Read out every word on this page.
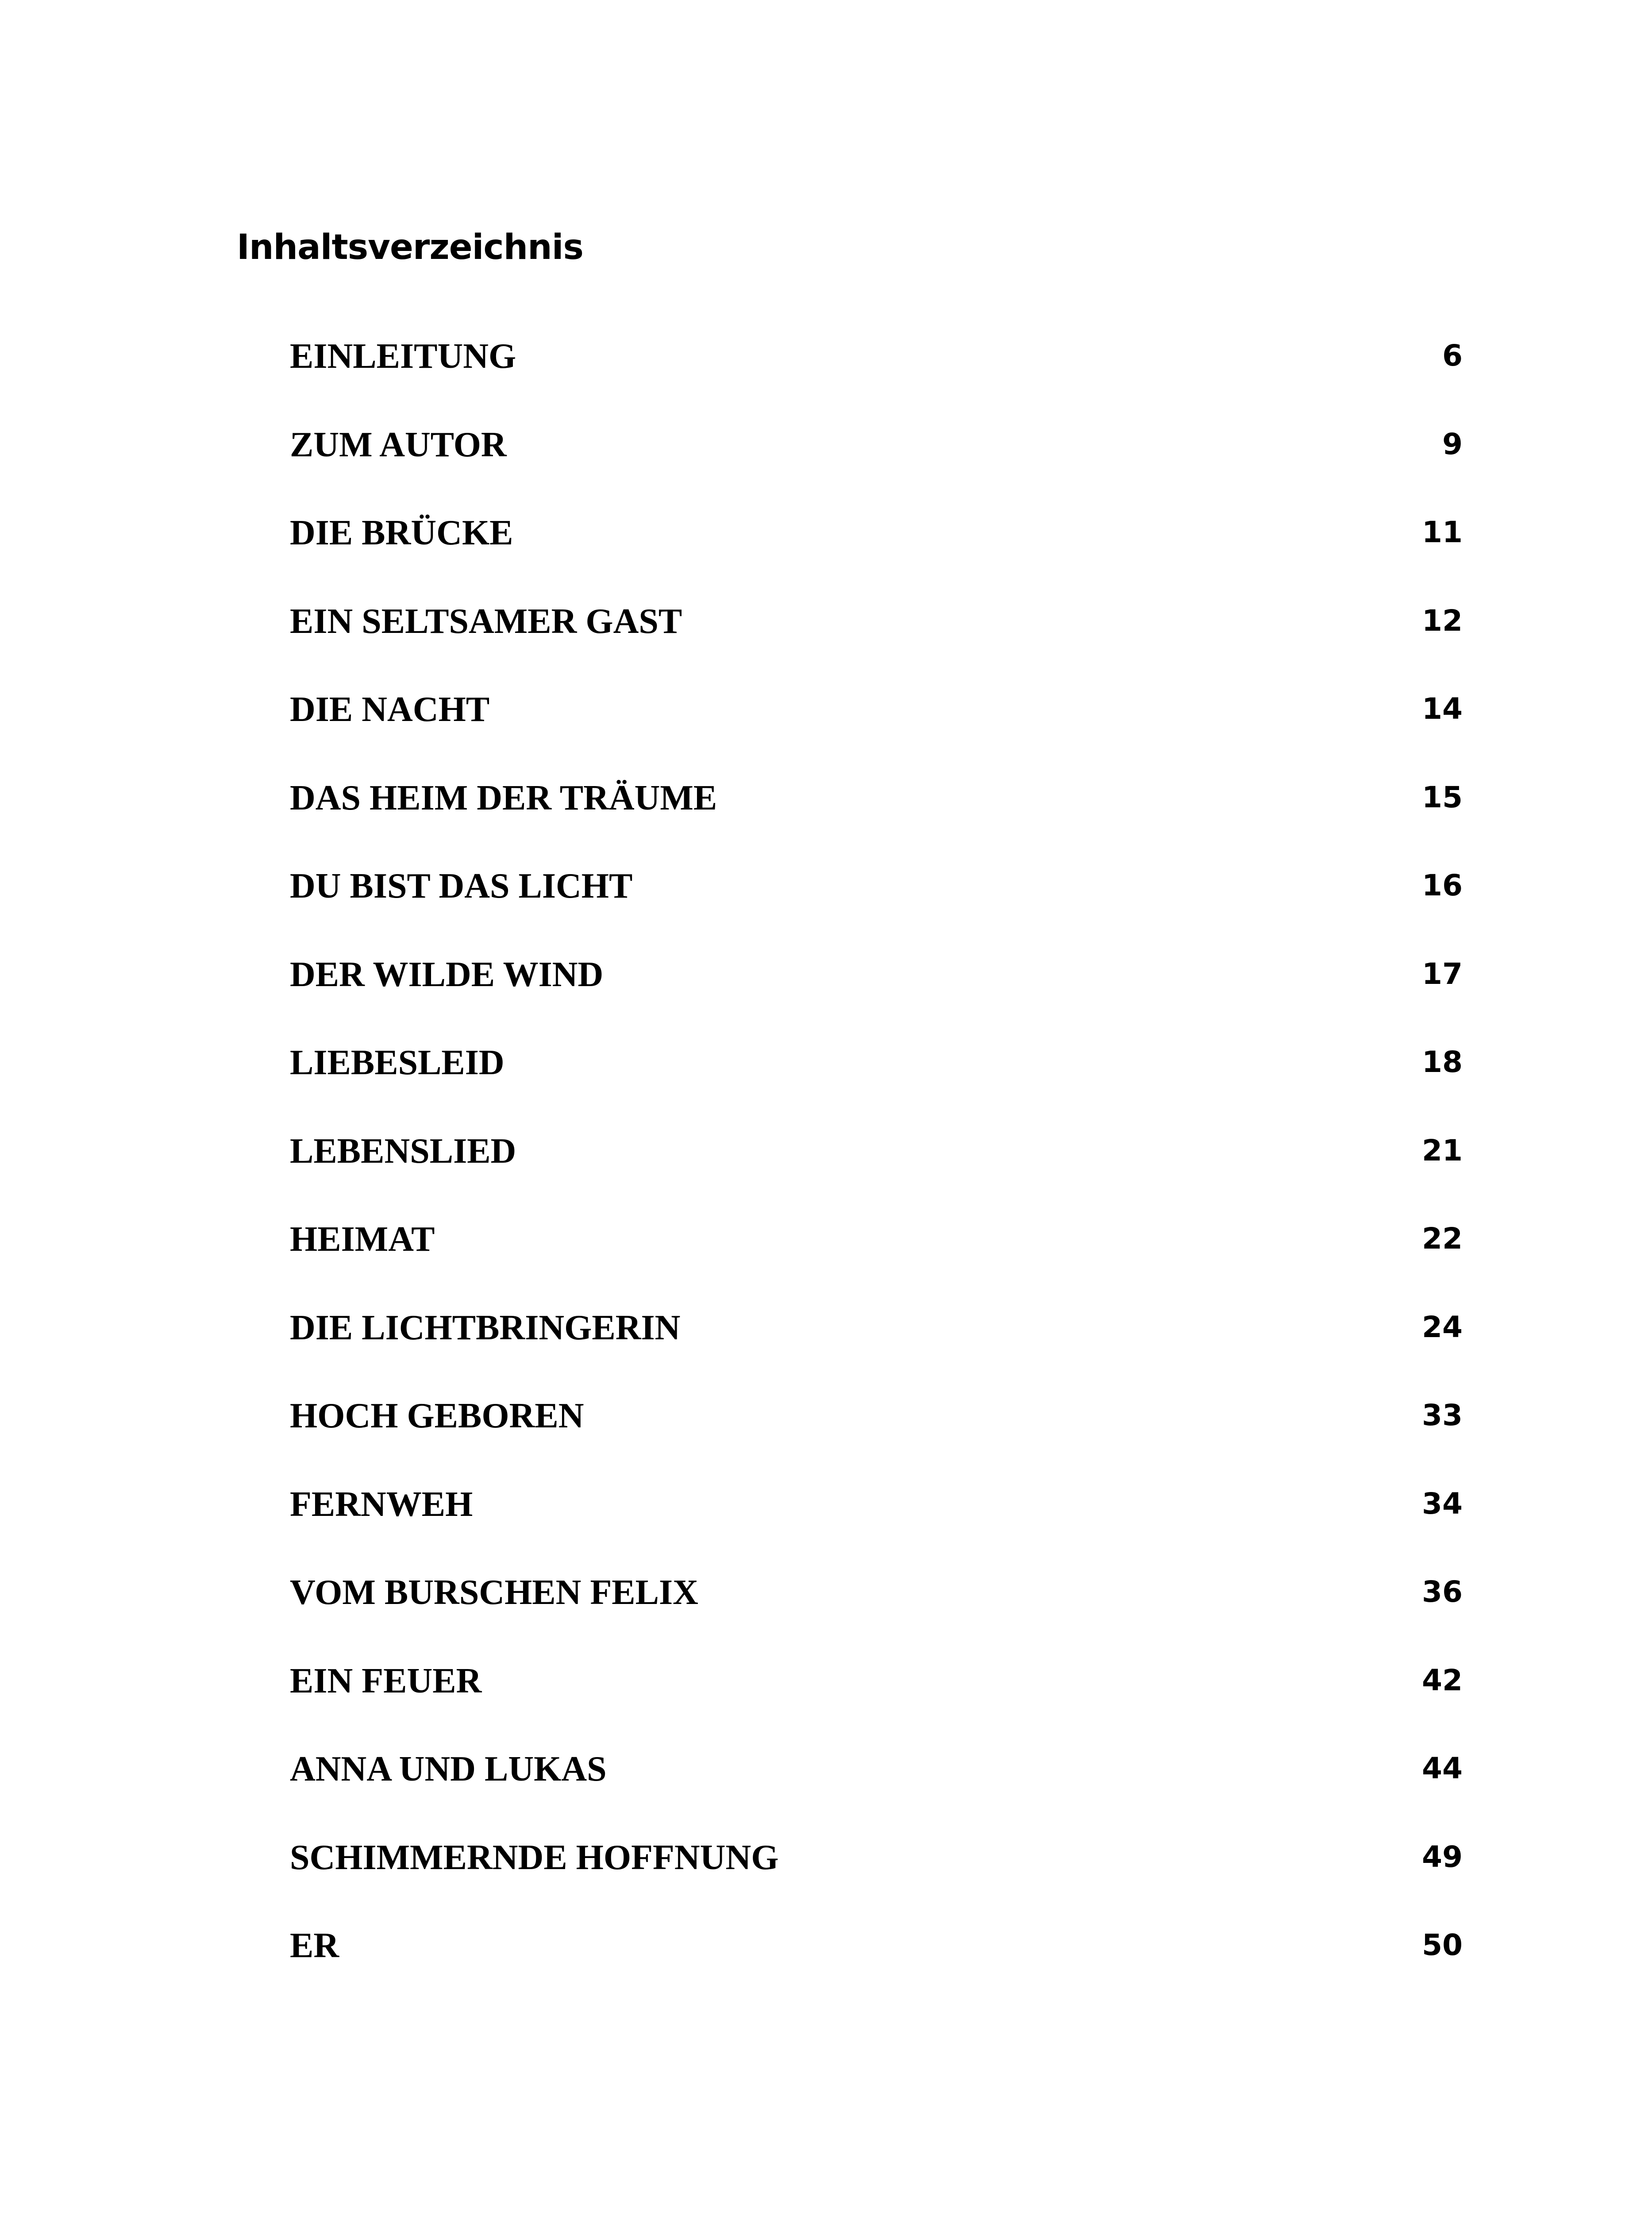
Inhaltsverzeichnis
EINLEITUNG	6
ZUM AUTOR	9
DIE BRÜCKE	11
EIN SELTSAMER GAST	12
DIE NACHT	14
DAS HEIM DER TRÄUME	15
DU BIST DAS LICHT	16
DER WILDE WIND	17
LIEBESLEID	18
LEBENSLIED	21
HEIMAT	22
DIE LICHTBRINGERIN	24
HOCH GEBOREN	33
FERNWEH	34
VOM BURSCHEN FELIX	36
EIN FEUER	42
ANNA UND LUKAS	44
SCHIMMERNDE HOFFNUNG	49
ER	50
